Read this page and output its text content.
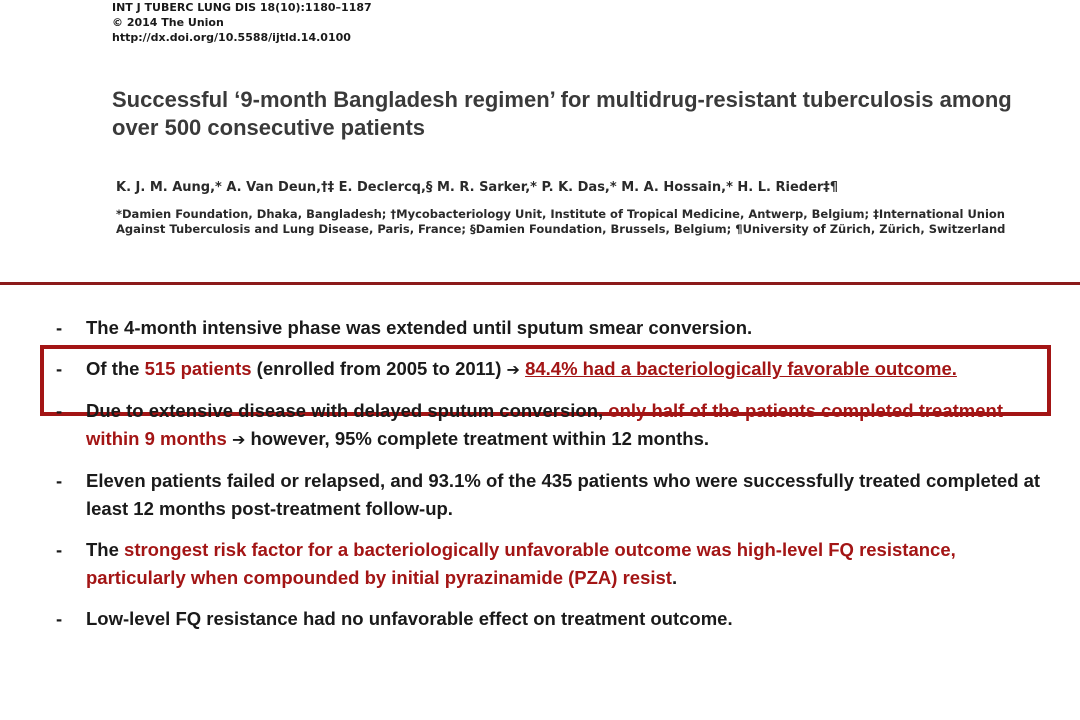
INT J TUBERC LUNG DIS 18(10):1180–1187
© 2014 The Union
http://dx.doi.org/10.5588/ijtld.14.0100
Successful ‘9-month Bangladesh regimen’ for multidrug-resistant tuberculosis among over 500 consecutive patients
K. J. M. Aung,* A. Van Deun,†‡ E. Declercq,§ M. R. Sarker,* P. K. Das,* M. A. Hossain,* H. L. Rieder‡¶
*Damien Foundation, Dhaka, Bangladesh; †Mycobacteriology Unit, Institute of Tropical Medicine, Antwerp, Belgium; ‡International Union Against Tuberculosis and Lung Disease, Paris, France; §Damien Foundation, Brussels, Belgium; ¶University of Zürich, Zürich, Switzerland
- The 4-month intensive phase was extended until sputum smear conversion.
- Of the 515 patients (enrolled from 2005 to 2011) ➔ 84.4% had a bacteriologically favorable outcome.
- Due to extensive disease with delayed sputum conversion, only half of the patients completed treatment within 9 months ➔ however, 95% complete treatment within 12 months.
- Eleven patients failed or relapsed, and 93.1% of the 435 patients who were successfully treated completed at least 12 months post-treatment follow-up.
- The strongest risk factor for a bacteriologically unfavorable outcome was high-level FQ resistance, particularly when compounded by initial pyrazinamide (PZA) resist.
- Low-level FQ resistance had no unfavorable effect on treatment outcome.
